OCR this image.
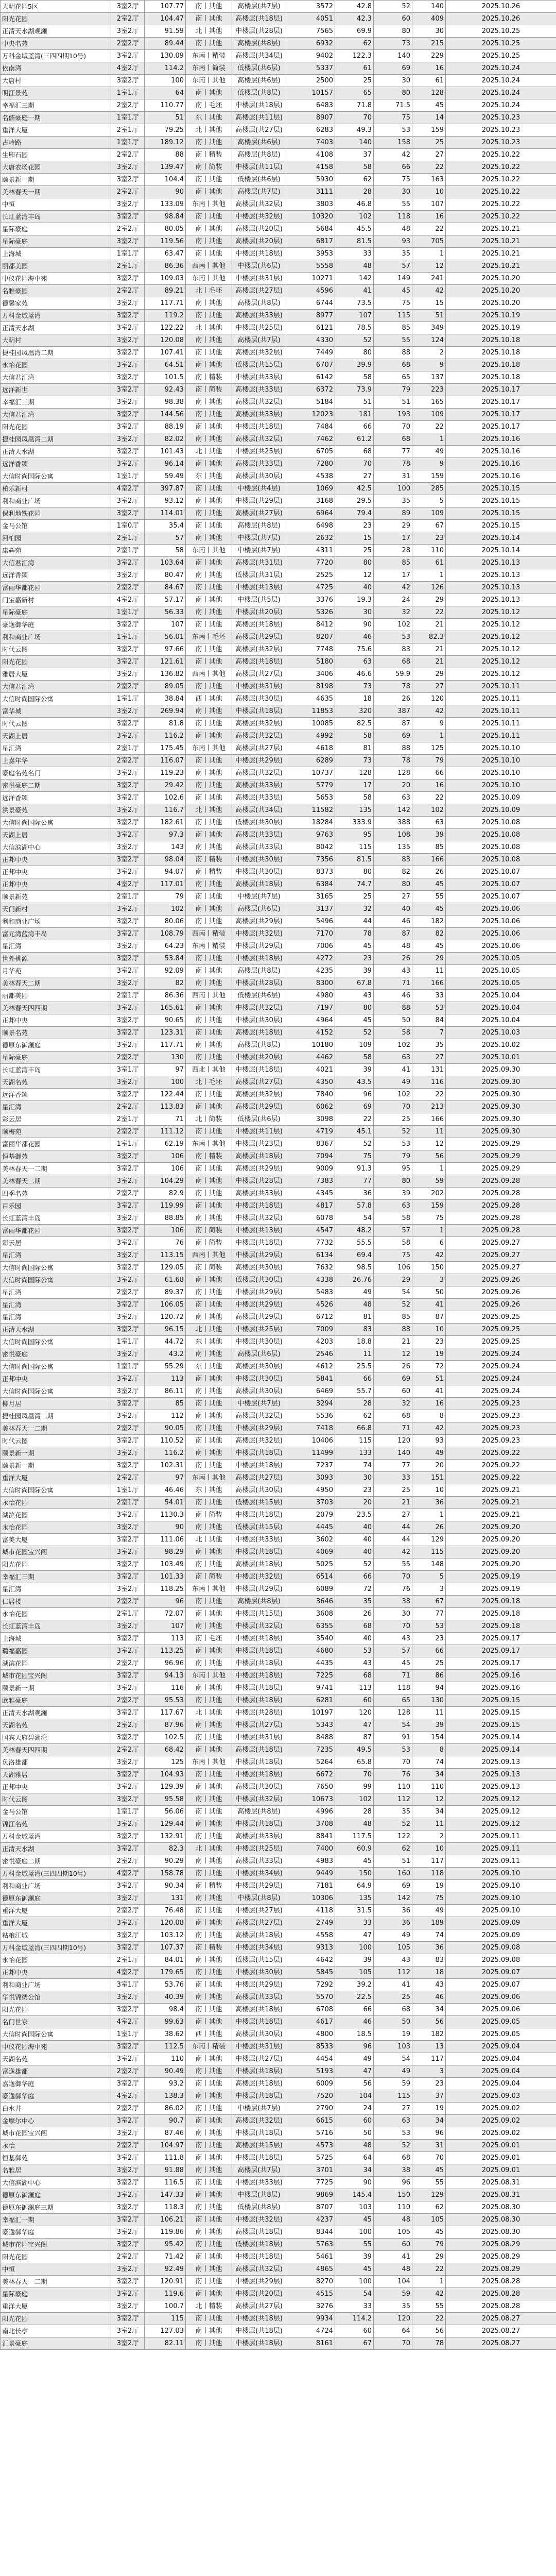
天明花园5区	3室2厅	107.77	南丨其他	高楼层(共7层)	3572	42.8	52	140	2025.10.26
阳光花园	2室2厅	104.47	南丨其他	高楼层(共18层)	4051	42.3	60	409	2025.10.26
正清天水湖观澜	3室2厅	91.59	北丨其他	中楼层(共28层)	7565	69.9	80	30	2025.10.25
中央名苑	2室2厅	89.44	南丨其他	高楼层(共8层)	6932	62	73	215	2025.10.25
万科金域蓝湾(三四四期10号)	3室2厅	130.09	东南丨精装	高楼层(共34层)	9402	122.3	140	229	2025.10.25
依南湾	4室2厅	114.2	东南丨简装	低楼层(共6层)	5337	61	69	16	2025.10.24
大唐村	3室2厅	100	东南丨其他	高楼层(共6层)	2500	25	30	61	2025.10.24
明江景苑	1室1厅	64	南丨其他	低楼层(共8层)	10157	65	80	128	2025.10.24
幸福汇三期	2室2厅	110.77	南丨毛坯	中楼层(共18层)	6483	71.8	71.5	45	2025.10.24
名儒豪庭一期	1室1厅	51	东丨其他	高楼层(共11层)	8907	70	75	14	2025.10.23
重洋大厦	2室1厅	79.25	北丨其他	高楼层(共27层)	6283	49.3	53	159	2025.10.23
古岭路	1室1厅	189.12	南丨其他	高楼层(共6层)	7403	140	158	25	2025.10.23
生卵石园	2室2厅	88	南丨精装	高楼层(共8层)	4108	37	42	27	2025.10.22
大唐农场花园	3室2厅	139.47	南丨简装	中楼层(共11层)	4158	58	66	22	2025.10.22
颐景新一期	3室2厅	104.4	南丨其他	低楼层(共6层)	5930	62	75	163	2025.10.22
美林春天一期	2室2厅	90	南丨其他	高楼层(共7层)	3111	28	30	10	2025.10.22
中恒	3室2厅	133.09	东南丨其他	高楼层(共32层)	3803	46.8	55	107	2025.10.22
长虹蓝湾丰岛	3室2厅	98.84	南丨其他	中楼层(共32层)	10320	102	118	16	2025.10.22
星际豪庭	2室2厅	80.05	南丨其他	高楼层(共20层)	5684	45.5	48	22	2025.10.21
星际豪庭	3室2厅	119.56	南丨其他	高楼层(共20层)	6817	81.5	93	705	2025.10.21
上海城	1室1厅	63.47	南丨其他	中楼层(共18层)	3953	33	35	1	2025.10.21
丽都美园	2室1厅	86.36	西南丨其他	中楼层(共6层)	5558	48	57	12	2025.10.21
中仪花园海中苑	3室2厅	109.03	东南丨其他	中楼层(共31层)	10271	142	149	241	2025.10.20
名雅豪园	2室2厅	89.21	北丨毛坯	高楼层(共27层)	4596	41	45	42	2025.10.20
德馨家苑	3室2厅	117.71	南丨其他	高楼层(共8层)	6744	73.5	75	15	2025.10.20
万科金域蓝湾	3室2厅	119.2	南丨其他	高楼层(共33层)	8977	107	115	51	2025.10.19
正清天水湖	3室2厅	122.22	北丨其他	中楼层(共25层)	6121	78.5	85	349	2025.10.19
大明村	3室2厅	120.08	南丨其他	高楼层(共7层)	4330	52	55	124	2025.10.18
捷桂园凤凰湾二期	3室2厅	107.41	南丨其他	高楼层(共32层)	7449	80	88	2	2025.10.18
永怡花园	3室2厅	64.51	南丨其他	低楼层(共15层)	6707	39.9	68	9	2025.10.18
大信君汇湾	3室2厅	101.5	南丨精装	中楼层(共33层)	6142	58	65	137	2025.10.18
远洋新世	3室2厅	92.43	南丨简装	高楼层(共33层)	6372	73.9	79	223	2025.10.17
幸福汇三期	3室2厅	98.38	南丨其他	高楼层(共32层)	5184	51	51	165	2025.10.17
大信君汇湾	3室2厅	144.56	南丨其他	高楼层(共33层)	12023	181	193	109	2025.10.17
阳光花园	3室2厅	88.19	南丨其他	中楼层(共18层)	7484	66	70	22	2025.10.17
捷桂园凤凰湾二期	3室2厅	82.02	南丨其他	高楼层(共32层)	7462	61.2	68	1	2025.10.16
正清天水湖	3室2厅	101.43	北丨其他	中楼层(共25层)	6705	68	77	49	2025.10.16
远洋香颂	3室2厅	96.14	南丨其他	高楼层(共33层)	7280	70	78	9	2025.10.16
大信时尚国际公寓	1室1厅	59.49	东丨其他	高楼层(共30层)	4538	27	31	159	2025.10.16
柏乐新村	4室2厅	397.87	南丨其他	中楼层(共4层)	1069	42.5	100	285	2025.10.15
利和商业广场	3室2厅	93.12	南丨其他	中楼层(共29层)	3168	29.5	35	5	2025.10.15
保利地铁花园	3室2厅	114.01	南丨其他	高楼层(共27层)	6964	79.4	89	109	2025.10.15
金马公馆	1室0厅	35.4	南丨其他	高楼层(共8层)	6498	23	29	67	2025.10.15
河柏园	2室1厅	57	南丨其他	中楼层(共7层)	2632	15	17	23	2025.10.14
康辉苑	2室1厅	58	东南丨其他	中楼层(共7层)	4311	25	28	110	2025.10.14
大信君汇湾	3室2厅	103.64	南丨其他	高楼层(共31层)	7720	80	85	61	2025.10.13
远洋香颂	3室2厅	80.47	南丨其他	低楼层(共31层)	2525	12	17	1	2025.10.13
富丽华都花园	2室2厅	84.67	南丨其他	中楼层(共13层)	4725	40	42	126	2025.10.13
门宝嘉新村	4室2厅	57.17	南丨其他	中楼层(共5层)	3376	19.3	24	29	2025.10.13
星际豪庭	1室1厅	56.33	南丨其他	中楼层(共20层)	5326	30	32	22	2025.10.12
豪逸御华庭	3室2厅	107	南丨其他	高楼层(共18层)	8412	90	102	21	2025.10.12
利和商业广场	1室1厅	56.01	东南丨毛坯	高楼层(共29层)	8207	46	53	82.3	2025.10.12
时代云图	3室2厅	97.66	南丨其他	高楼层(共32层)	7748	75.6	83	21	2025.10.12
阳光花园	3室2厅	121.61	南丨其他	高楼层(共18层)	5180	63	68	21	2025.10.12
雅居大厦	3室2厅	136.82	西南丨其他	高楼层(共27层)	3406	46.6	59.9	29	2025.10.12
大信君汇湾	2室2厅	89.05	南丨其他	中楼层(共31层)	8198	73	78	27	2025.10.11
大信时尚国际公寓	1室1厅	38.84	西丨其他	高楼层(共30层)	4635	18	26	120	2025.10.11
富华城	3室2厅	269.94	南丨其他	中楼层(共18层)	11853	320	387	42	2025.10.11
时代云图	3室2厅	81.8	南丨其他	高楼层(共32层)	10085	82.5	87	9	2025.10.11
天湖上居	3室2厅	116.2	南丨其他	高楼层(共32层)	4992	58	69	1	2025.10.11
星汇湾	2室1厅	175.45	东南丨其他	高楼层(共27层)	4618	81	88	125	2025.10.10
上嘉年华	2室2厅	116.07	南丨其他	中楼层(共29层)	6289	73	78	79	2025.10.10
豪庭名苑名门	3室2厅	119.23	南丨其他	高楼层(共32层)	10737	128	128	66	2025.10.10
密悦豪庭二期	3室2厅	29.42	南丨其他	高楼层(共33层)	5779	17	20	16	2025.10.10
远洋香颂	3室2厅	102.6	南丨其他	高楼层(共33层)	5653	58	63	22	2025.10.09
洪景豪苑	3室2厅	116.7	北丨其他	高楼层(共34层)	11582	135	142	102	2025.10.09
大信时尚国际公寓	3室2厅	182.61	南丨其他	低楼层(共30层)	18284	333.9	388	63	2025.10.08
天湖上居	3室2厅	97.3	南丨其他	高楼层(共33层)	9763	95	108	39	2025.10.08
大信滨湖中心	3室2厅	143	南丨其他	高楼层(共33层)	8042	115	135	85	2025.10.08
正邦中央	3室2厅	98.04	南丨精装	中楼层(共30层)	7356	81.5	83	166	2025.10.08
正邦中央	3室2厅	94.07	南丨精装	中楼层(共30层)	8373	80	82	26	2025.10.07
正邦中央	4室2厅	117.01	南丨其他	高楼层(共18层)	6384	74.7	80	45	2025.10.07
顺景新苑	2室1厅	79	南丨其他	中楼层(共7层)	3165	25	27	55	2025.10.07
天门新村	3室2厅	102	南丨其他	高楼层(共6层)	3137	32	40	45	2025.10.06
利和商业广场	3室2厅	80.06	南丨其他	高楼层(共29层)	5496	44	46	182	2025.10.06
富元湾蓝湾丰岛	3室2厅	108.79	西南丨精装	中楼层(共32层)	7170	78	87	82	2025.10.06
星汇湾	3室2厅	64.23	东南丨精装	中楼层(共29层)	7006	45	48	45	2025.10.06
世外桃源	3室2厅	53.84	南丨其他	中楼层(共18层)	4272	23	26	29	2025.10.05
月华苑	3室2厅	92.09	南丨其他	高楼层(共8层)	4235	39	43	11	2025.10.05
美林春天二期	3室2厅	82	南丨其他	中楼层(共28层)	8300	67.8	71	166	2025.10.05
丽都美园	2室1厅	86.36	西南丨其他	低楼层(共6层)	4980	43	46	33	2025.10.04
美林春天四四期	3室2厅	165.61	南丨其他	中楼层(共32层)	7197	80	88	53	2025.10.04
正邦中央	3室2厅	90.65	南丨其他	中楼层(共30层)	4964	45	50	84	2025.10.04
顺景名苑	3室2厅	123.31	南丨其他	高楼层(共18层)	4152	52	58	7	2025.10.03
德原东御澜庭	3室2厅	117.71	南丨其他	高楼层(共8层)	10180	109	102	35	2025.10.02
星际豪庭	2室2厅	130	南丨其他	中楼层(共20层)	4462	58	63	27	2025.10.01
长虹蓝湾丰岛	3室1厅	97	西北丨其他	中楼层(共18层)	4021	39	41	131	2025.09.30
天湖名苑	3室2厅	100	北丨毛坯	高楼层(共27层)	4350	43.5	49	116	2025.09.30
远洋香颂	3室2厅	122.44	南丨其他	高楼层(共32层)	7840	96	102	22	2025.09.30
星汇湾	2室2厅	113.83	南丨其他	高楼层(共29层)	6062	69	70	213	2025.09.30
彩云居	2室1厅	71	北丨简装	低楼层(共6层)	3098	22	25	166	2025.09.30
顺梅苑	2室2厅	111.12	南丨其他	中楼层(共11层)	4719	45.1	52	11	2025.09.30
富丽华都花园	1室1厅	62.19	东南丨其他	中楼层(共23层)	8367	52	53	12	2025.09.29
恒基御苑	3室2厅	106	南丨精装	高楼层(共18层)	7094	75	79	56	2025.09.29
美林春天一二期	3室2厅	106	南丨其他	高楼层(共29层)	9009	91.3	95	1	2025.09.29
美林春天二期	3室2厅	104.29	南丨其他	中楼层(共28层)	7383	77	80	59	2025.09.28
四季名苑	2室2厅	82.9	南丨其他	高楼层(共33层)	4345	36	39	202	2025.09.28
百乐园	3室2厅	119.99	南丨其他	中楼层(共18层)	4817	57.8	63	159	2025.09.28
长虹蓝湾丰岛	3室2厅	88.85	南丨其他	中楼层(共32层)	6078	54	58	75	2025.09.28
富丽华都花园	3室2厅	106	南丨简装	中楼层(共13层)	4547	48.2	57	1	2025.09.28
彩云居	3室2厅	76	南丨简装	中楼层(共18层)	7732	55.5	58	6	2025.09.27
星汇湾	3室2厅	113.15	西南丨其他	中楼层(共29层)	6134	69.4	75	42	2025.09.27
大信时尚国际公寓	3室2厅	129.05	南丨简装	高楼层(共30层)	7632	98.5	106	150	2025.09.27
大信时尚国际公寓	3室2厅	61.68	南丨其他	低楼层(共30层)	4338	26.76	29	3	2025.09.26
星汇湾	2室2厅	89.37	南丨其他	中楼层(共29层)	5483	49	54	50	2025.09.26
星汇湾	3室2厅	106.05	南丨其他	中楼层(共29层)	4526	48	52	41	2025.09.26
星汇湾	3室2厅	120.72	南丨其他	高楼层(共29层)	6712	81	85	87	2025.09.25
正清天水湖	3室2厅	96.15	北丨其他	中楼层(共25层)	7009	83	88	10	2025.09.25
大信时尚国际公寓	1室1厅	44.72	东丨其他	中楼层(共30层)	4203	18.8	21	23	2025.09.25
密悦豪庭	3室2厅	43.2	南丨其他	高楼层(共6层)	2546	11	12	19	2025.09.24
大信时尚国际公寓	1室1厅	55.29	东丨其他	高楼层(共30层)	4612	25.5	26	72	2025.09.24
正邦中央	3室2厅	113	南丨其他	中楼层(共30层)	5841	66	69	51	2025.09.24
大信时尚国际公寓	3室2厅	86.11	南丨其他	高楼层(共30层)	6469	55.7	60	41	2025.09.24
柳月居	3室2厅	85	南丨其他	中楼层(共7层)	3294	28	32	16	2025.09.23
捷桂园凤凰湾二期	3室2厅	112	南丨其他	高楼层(共32层)	5536	62	68	8	2025.09.23
美林春天一二期	2室2厅	90.05	南丨其他	中楼层(共29层)	7418	66.8	71	42	2025.09.23
时代云图	3室2厅	110.52	南丨其他	高楼层(共32层)	10406	115	120	93	2025.09.23
颐景新一期	3室2厅	116.2	南丨其他	中楼层(共18层)	11499	133	140	49	2025.09.22
颐景新一期	3室2厅	102.31	南丨其他	中楼层(共18层)	7237	74	77	20	2025.09.22
重洋大厦	2室2厅	97	东南丨其他	高楼层(共27层)	3093	30	33	151	2025.09.22
大信时尚国际公寓	1室1厅	46.46	东丨其他	高楼层(共30层)	4950	23	25	10	2025.09.21
永怡花园	2室1厅	54.01	南丨其他	低楼层(共15层)	3703	20	21	36	2025.09.21
湖滨花园	3室2厅	1130.3	南丨简装	中楼层(共18层)	2079	23.5	27	1	2025.09.21
永怡花园	3室2厅	90	南丨其他	低楼层(共15层)	4445	40	44	26	2025.09.20
富美大厦	3室2厅	111.06	北丨其他	中楼层(共33层)	3602	40	44	129	2025.09.20
城市花园宝兴阁	3室2厅	98.29	南丨其他	中楼层(共18层)	4069	40	42	115	2025.09.20
阳光花园	3室2厅	103.49	南丨其他	高楼层(共18层)	5025	52	55	148	2025.09.20
幸福汇三期	3室2厅	101.33	南丨简装	中楼层(共32层)	6514	66	70	5	2025.09.19
星汇湾	3室2厅	118.25	东南丨其他	中楼层(共29层)	6089	72	76	3	2025.09.19
仁居楼	2室2厅	96	南丨其他	高楼层(共8层)	3646	35	38	67	2025.09.18
永怡花园	2室1厅	72.07	南丨其他	中楼层(共15层)	3608	26	30	77	2025.09.18
长虹蓝湾丰岛	3室2厅	107	南丨其他	中楼层(共32层)	6355	68	70	53	2025.09.18
上海城	3室2厅	113	南丨毛坯	中楼层(共18层)	3540	40	43	23	2025.09.17
璐福嘉园	3室2厅	113.25	南丨其他	中楼层(共18层)	4680	53	57	66	2025.09.17
湖滨花园	2室2厅	96.96	南丨其他	中楼层(共18层)	4435	43	45	25	2025.09.17
城市花园宝兴阁	3室2厅	94.13	东南丨其他	中楼层(共18层)	7225	68	71	86	2025.09.16
颐景新一期	3室2厅	116	南丨其他	中楼层(共18层)	9741	113	118	94	2025.09.16
欧雅豪庭	2室2厅	95.53	南丨其他	中楼层(共18层)	6281	60	65	130	2025.09.15
正清天水湖观澜	3室2厅	117.67	北丨其他	中楼层(共28层)	10197	120	128	11	2025.09.15
天湖名苑	2室2厅	87.96	南丨其他	中楼层(共27层)	5343	47	54	39	2025.09.15
国宾天府碧湖湾	3室2厅	102.5	南丨其他	中楼层(共31层)	8488	87	91	154	2025.09.14
美林春天四四期	2室2厅	68.42	南丨其他	高楼层(共18层)	7235	49.5	53	8	2025.09.14
负洛雄都	3室2厅	125	东南丨其他	中楼层(共18层)	5264	65.8	70	74	2025.09.13
天湖雅居	3室2厅	104.93	南丨其他	中楼层(共18层)	6672	70	76	34	2025.09.13
正邦中央	3室2厅	129.39	南丨其他	高楼层(共30层)	7650	99	110	110	2025.09.13
时代云图	3室2厅	95.58	南丨其他	中楼层(共32层)	10673	102	112	12	2025.09.12
金马公馆	1室1厅	56.06	南丨其他	高楼层(共8层)	4996	28	35	34	2025.09.12
锦江名苑	3室2厅	129.44	南丨其他	中楼层(共18层)	3708	48	52	11	2025.09.12
万科金域蓝湾	3室2厅	132.91	南丨其他	高楼层(共33层)	8841	117.5	122	2	2025.09.11
正清天水湖	3室2厅	82.3	北丨其他	中楼层(共25层)	7400	60.9	62	10	2025.09.11
密悦豪庭二期	2室2厅	90.29	南丨其他	高楼层(共33层)	4983	45	51	117	2025.09.11
万科金域蓝湾(三四四期10号)	4室2厅	158.78	南丨其他	中楼层(共34层)	9449	150	160	118	2025.09.10
利和商业广场	3室2厅	90.34	南丨精装	中楼层(共29层)	7181	64.9	69	19	2025.09.10
德原东御澜庭	3室2厅	131	南丨其他	中楼层(共8层)	10306	135	142	75	2025.09.10
重洋大厦	2室2厅	76.48	南丨其他	中楼层(共27层)	4118	31.5	36	49	2025.09.10
重洋大厦	3室2厅	120.08	南丨其他	高楼层(共27层)	2749	33	36	189	2025.09.09
粘粮江城	3室2厅	103.12	南丨其他	高楼层(共18层)	4558	47	49	74	2025.09.09
万科金域蓝湾(三四四期10号)	3室2厅	107.37	南丨精装	中楼层(共34层)	9313	100	105	36	2025.09.08
永怡花园	2室1厅	84.01	南丨其他	低楼层(共15层)	4642	39	43	83	2025.09.08
正邦中央	4室2厅	179.65	南丨其他	中楼层(共30层)	5845	105	112	18	2025.09.07
利和商业广场	3室1厅	53.76	南丨其他	中楼层(共29层)	7292	39.2	41	43	2025.09.07
华悦锦绣公馆	3室2厅	40.39	南丨其他	高楼层(共33层)	5570	22.5	25	46	2025.09.06
阳光花园	3室2厅	98.4	南丨其他	高楼层(共18层)	6708	66	68	34	2025.09.06
名门世家	4室2厅	99.63	南丨其他	中楼层(共18层)	4617	46	50	56	2025.09.05
大信时尚国际公寓	1室1厅	38.62	西丨其他	高楼层(共30层)	4800	18.5	19	182	2025.09.05
中仪花园海中苑	3室2厅	112.5	东南丨精装	中楼层(共31层)	8533	96	103	13	2025.09.04
天湖名苑	3室2厅	110	南丨其他	中楼层(共27层)	4454	49	54	117	2025.09.04
富逸雄都	2室2厅	90.49	南丨其他	中楼层(共18层)	5193	47	49	3	2025.09.04
嘉逸御华庭	3室2厅	93.2	南丨其他	高楼层(共18层)	6009	56	59	23	2025.09.04
豪逸御华庭	4室2厅	138.3	南丨其他	中楼层(共18层)	7520	104	115	37	2025.09.03
白水井	2室2厅	86.02	南丨其他	中楼层(共7层)	2790	24	27	19	2025.09.02
金摩尔中心	3室2厅	90.7	南丨其他	高楼层(共32层)	6615	60	63	34	2025.09.02
城市花园宝兴阁	3室2厅	87.46	南丨其他	中楼层(共18层)	5716	50	53	96	2025.09.02
永怡	2室2厅	104.97	南丨其他	高楼层(共15层)	4573	48	52	31	2025.09.01
恒基御苑	3室2厅	111.8	南丨其他	中楼层(共18层)	5725	64	68	70	2025.09.01
名雅居	3室2厅	91.88	南丨其他	高楼层(共7层)	3701	34	38	45	2025.09.01
大信滨湖中心	3室2厅	116.5	南丨其他	中楼层(共33层)	7725	90	96	55	2025.08.31
德原东御澜庭	3室2厅	147.33	南丨其他	中楼层(共8层)	9869	145.4	150	129	2025.08.31
德原东御澜庭三期	3室2厅	118.3	南丨其他	低楼层(共8层)	8707	103	110	62	2025.08.30
幸福汇一期	3室2厅	106.21	南丨其他	中楼层(共32层)	4237	45	48	105	2025.08.30
豪逸御华庭	3室2厅	119.86	南丨其他	高楼层(共18层)	8344	100	105	45	2025.08.30
城市花园宝兴阁	3室2厅	95.42	南丨其他	低楼层(共18层)	5763	55	60	79	2025.08.29
阳光花园	2室2厅	71.42	南丨其他	中楼层(共18层)	5461	39	41	29	2025.08.29
中恒	3室2厅	92.49	南丨其他	高楼层(共32层)	4865	45	48	22	2025.08.29
美林春天一二期	3室2厅	120.91	南丨其他	中楼层(共29层)	8270	100	104	1	2025.08.28
星际豪庭	3室2厅	119.6	南丨其他	中楼层(共20层)	4515	54	59	42	2025.08.28
重洋大厦	3室2厅	100.7	北丨精装	高楼层(共27层)	3276	33	35	55	2025.08.28
阳光花园	3室2厅	115	南丨其他	中楼层(共18层)	9934	114.2	120	22	2025.08.27
南北长亭	3室2厅	127.03	南丨其他	中楼层(共18层)	4724	60	64	56	2025.08.27
汇景豪庭	3室2厅	82.11	南丨其他	中楼层(共18层)	8161	67	70	78	2025.08.27
